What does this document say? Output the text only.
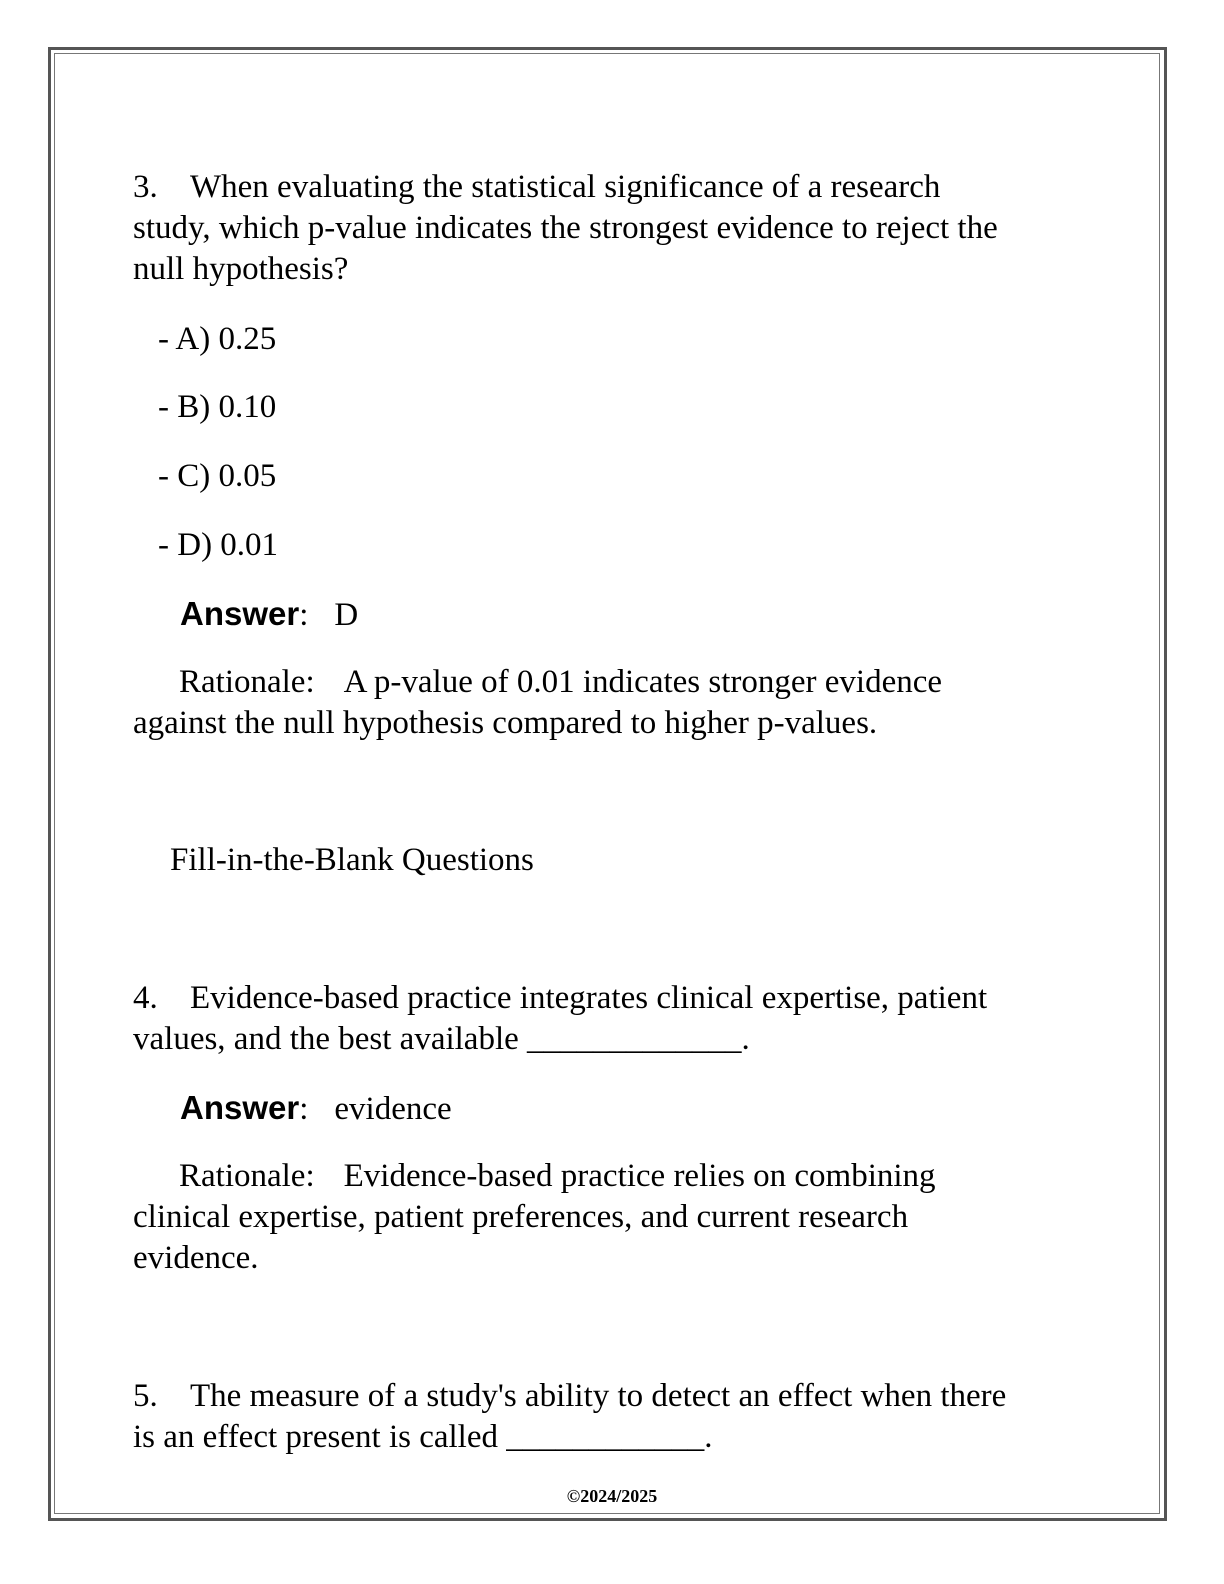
3. When evaluating the statistical significance of a research
study, which p-value indicates the strongest evidence to reject the
null hypothesis?
- A) 0.25
- B) 0.10
- C) 0.05
- D) 0.01
Answer: D
Rationale: A p-value of 0.01 indicates stronger evidence
against the null hypothesis compared to higher p-values.
Fill-in-the-Blank Questions
4. Evidence-based practice integrates clinical expertise, patient
values, and the best available _____________.
Answer: evidence
Rationale: Evidence-based practice relies on combining
clinical expertise, patient preferences, and current research
evidence.
5. The measure of a study's ability to detect an effect when there
is an effect present is called ____________.
©2024/2025
